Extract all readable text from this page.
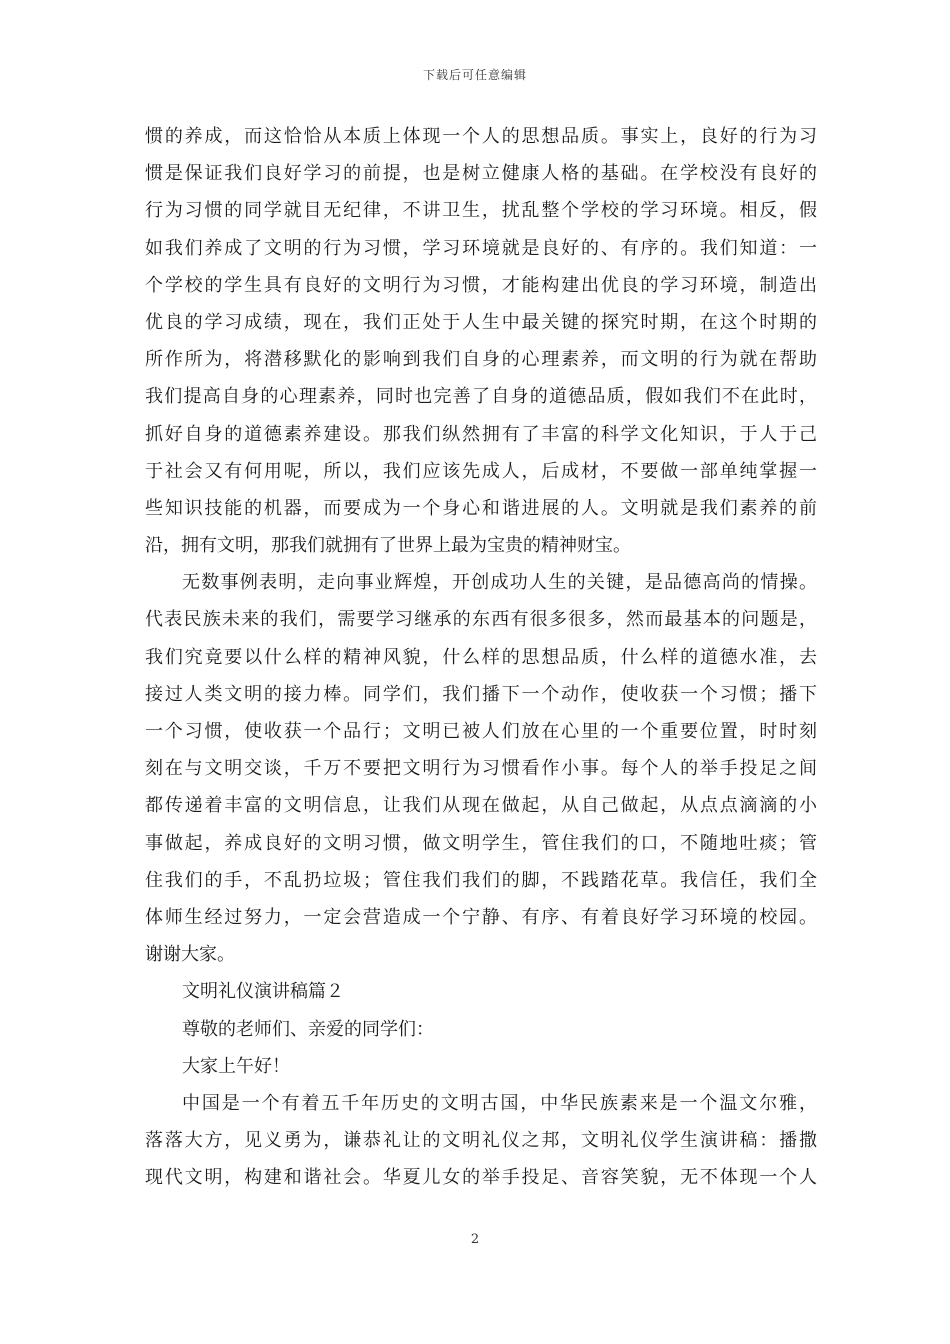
下载后可任意编辑
惯的养成，而这恰恰从本质上体现一个人的思想品质。事实上，良好的行为习
惯是保证我们良好学习的前提，也是树立健康人格的基础。在学校没有良好的
行为习惯的同学就目无纪律，不讲卫生，扰乱整个学校的学习环境。相反，假
如我们养成了文明的行为习惯，学习环境就是良好的、有序的。我们知道：一
个学校的学生具有良好的文明行为习惯，才能构建出优良的学习环境，制造出
优良的学习成绩，现在，我们正处于人生中最关键的探究时期，在这个时期的
所作所为，将潜移默化的影响到我们自身的心理素养，而文明的行为就在帮助
我们提高自身的心理素养，同时也完善了自身的道德品质，假如我们不在此时，
抓好自身的道德素养建设。那我们纵然拥有了丰富的科学文化知识，于人于己
于社会又有何用呢，所以，我们应该先成人，后成材，不要做一部单纯掌握一
些知识技能的机器，而要成为一个身心和谐进展的人。文明就是我们素养的前
沿，拥有文明，那我们就拥有了世界上最为宝贵的精神财宝。
无数事例表明，走向事业辉煌，开创成功人生的关键，是品德高尚的情操。
代表民族未来的我们，需要学习继承的东西有很多很多，然而最基本的问题是，
我们究竟要以什么样的精神风貌，什么样的思想品质，什么样的道德水准，去
接过人类文明的接力棒。同学们，我们播下一个动作，使收获一个习惯；播下
一个习惯，使收获一个品行；文明已被人们放在心里的一个重要位置，时时刻
刻在与文明交谈，千万不要把文明行为习惯看作小事。每个人的举手投足之间
都传递着丰富的文明信息，让我们从现在做起，从自己做起，从点点滴滴的小
事做起，养成良好的文明习惯，做文明学生，管住我们的口，不随地吐痰；管
住我们的手，不乱扔垃圾；管住我们我们的脚，不践踏花草。我信任，我们全
体师生经过努力，一定会营造成一个宁静、有序、有着良好学习环境的校园。
谢谢大家。
文明礼仪演讲稿篇２
尊敬的老师们、亲爱的同学们：
大家上午好！
中国是一个有着五千年历史的文明古国，中华民族素来是一个温文尔雅，
落落大方，见义勇为，谦恭礼让的文明礼仪之邦，文明礼仪学生演讲稿：播撒
现代文明，构建和谐社会。华夏儿女的举手投足、音容笑貌，无不体现一个人
2
